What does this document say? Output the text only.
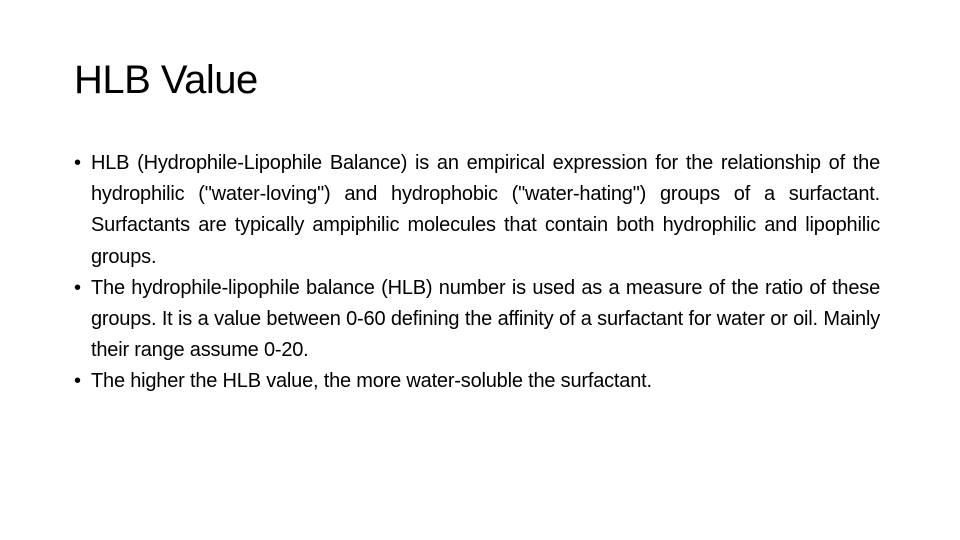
HLB Value
• HLB (Hydrophile-Lipophile Balance) is an empirical expression for the relationship of the hydrophilic ("water-loving") and hydrophobic ("water-hating") groups of a surfactant. Surfactants are typically ampiphilic molecules that contain both hydrophilic and lipophilic groups.
• The hydrophile-lipophile balance (HLB) number is used as a measure of the ratio of these groups. It is a value between 0-60 defining the affinity of a surfactant for water or oil. Mainly their range assume 0-20.
• The higher the HLB value, the more water-soluble the surfactant.
